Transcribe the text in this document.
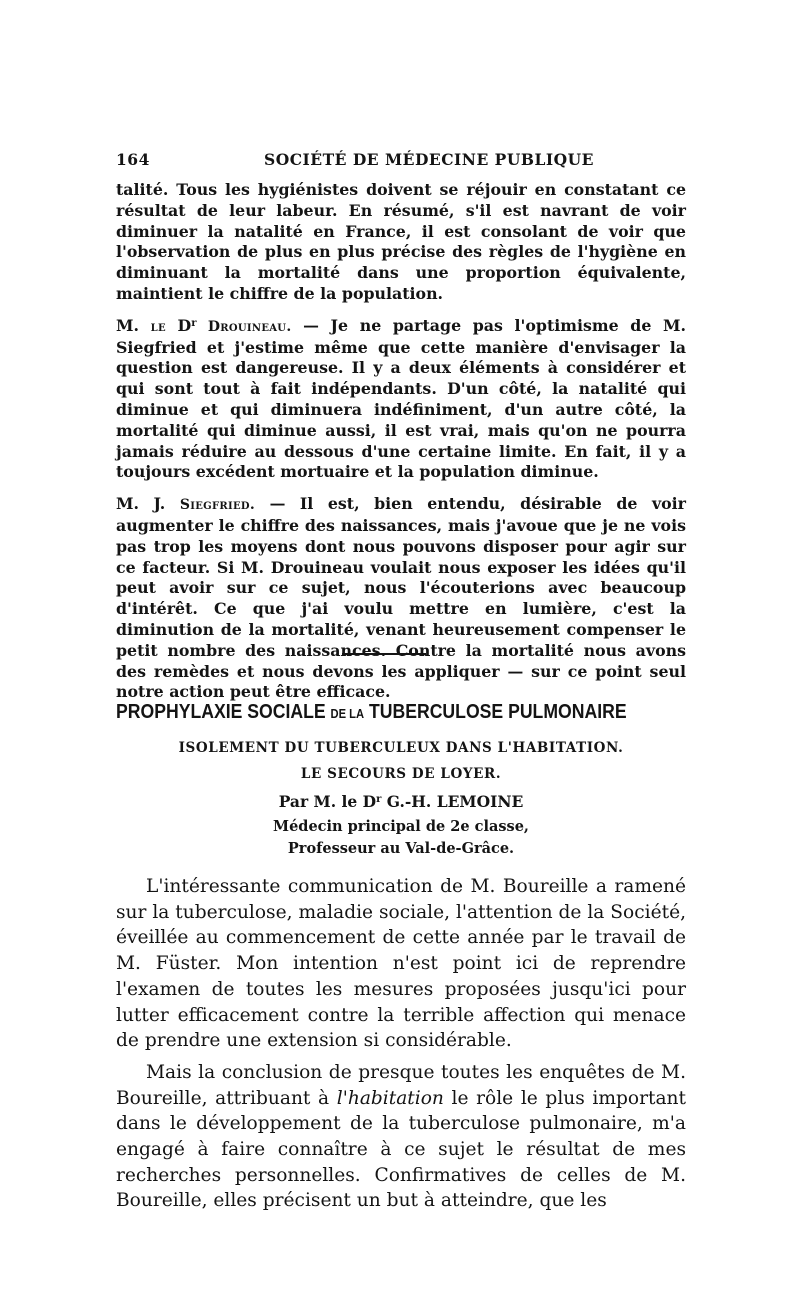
164	SOCIÉTÉ DE MÉDECINE PUBLIQUE

talité. Tous les hygiénistes doivent se réjouir en constatant ce résultat de leur labeur. En résumé, s'il est navrant de voir diminuer la natalité en France, il est consolant de voir que l'observation de plus en plus précise des règles de l'hygiène en diminuant la mortalité dans une proportion équivalente, maintient le chiffre de la population.

M. le $D^r$ Drouineau. — Je ne partage pas l'optimisme de M. Siegfried et j'estime même que cette manière d'envisager la question est dangereuse. Il y a deux éléments à considérer et qui sont tout à fait indépendants. D'un côté, la natalité qui diminue et qui diminuera indéfiniment, d'un autre côté, la mortalité qui diminue aussi, il est vrai, mais qu'on ne pourra jamais réduire au dessous d'une certaine limite. En fait, il y a toujours excédent mortuaire et la population diminue.

M. J. Siegfried. — Il est, bien entendu, désirable de voir augmenter le chiffre des naissances, mais j'avoue que je ne vois pas trop les moyens dont nous pouvons disposer pour agir sur ce facteur. Si M. Drouineau voulait nous exposer les idées qu'il peut avoir sur ce sujet, nous l'écouterions avec beaucoup d'intérêt. Ce que j'ai voulu mettre en lumière, c'est la diminution de la mortalité, venant heureusement compenser le petit nombre des naissances. Contre la mortalité nous avons des remèdes et nous devons les appliquer — sur ce point seul notre action peut être efficace.

PROPHYLAXIE SOCIALE DE LA TUBERCULOSE PULMONAIRE
ISOLEMENT DU TUBERCULEUX DANS L'HABITATION.
LE SECOURS DE LOYER.
Par M. le $D^r$ G.-H. LEMOINE
Médecin principal de 2e classe,
Professeur au Val-de-Grâce.

L'intéressante communication de M. Boureille a ramené sur la tuberculose, maladie sociale, l'attention de la Société, éveillée au commencement de cette année par le travail de M. Füster. Mon intention n'est point ici de reprendre l'examen de toutes les mesures proposées jusqu'ici pour lutter efficacement contre la terrible affection qui menace de prendre une extension si considérable.

Mais la conclusion de presque toutes les enquêtes de M. Boureille, attribuant à l'habitation le rôle le plus important dans le développement de la tuberculose pulmonaire, m'a engagé à faire connaître à ce sujet le résultat de mes recherches personnelles. Confirmatives de celles de M. Boureille, elles précisent un but à atteindre, que les
